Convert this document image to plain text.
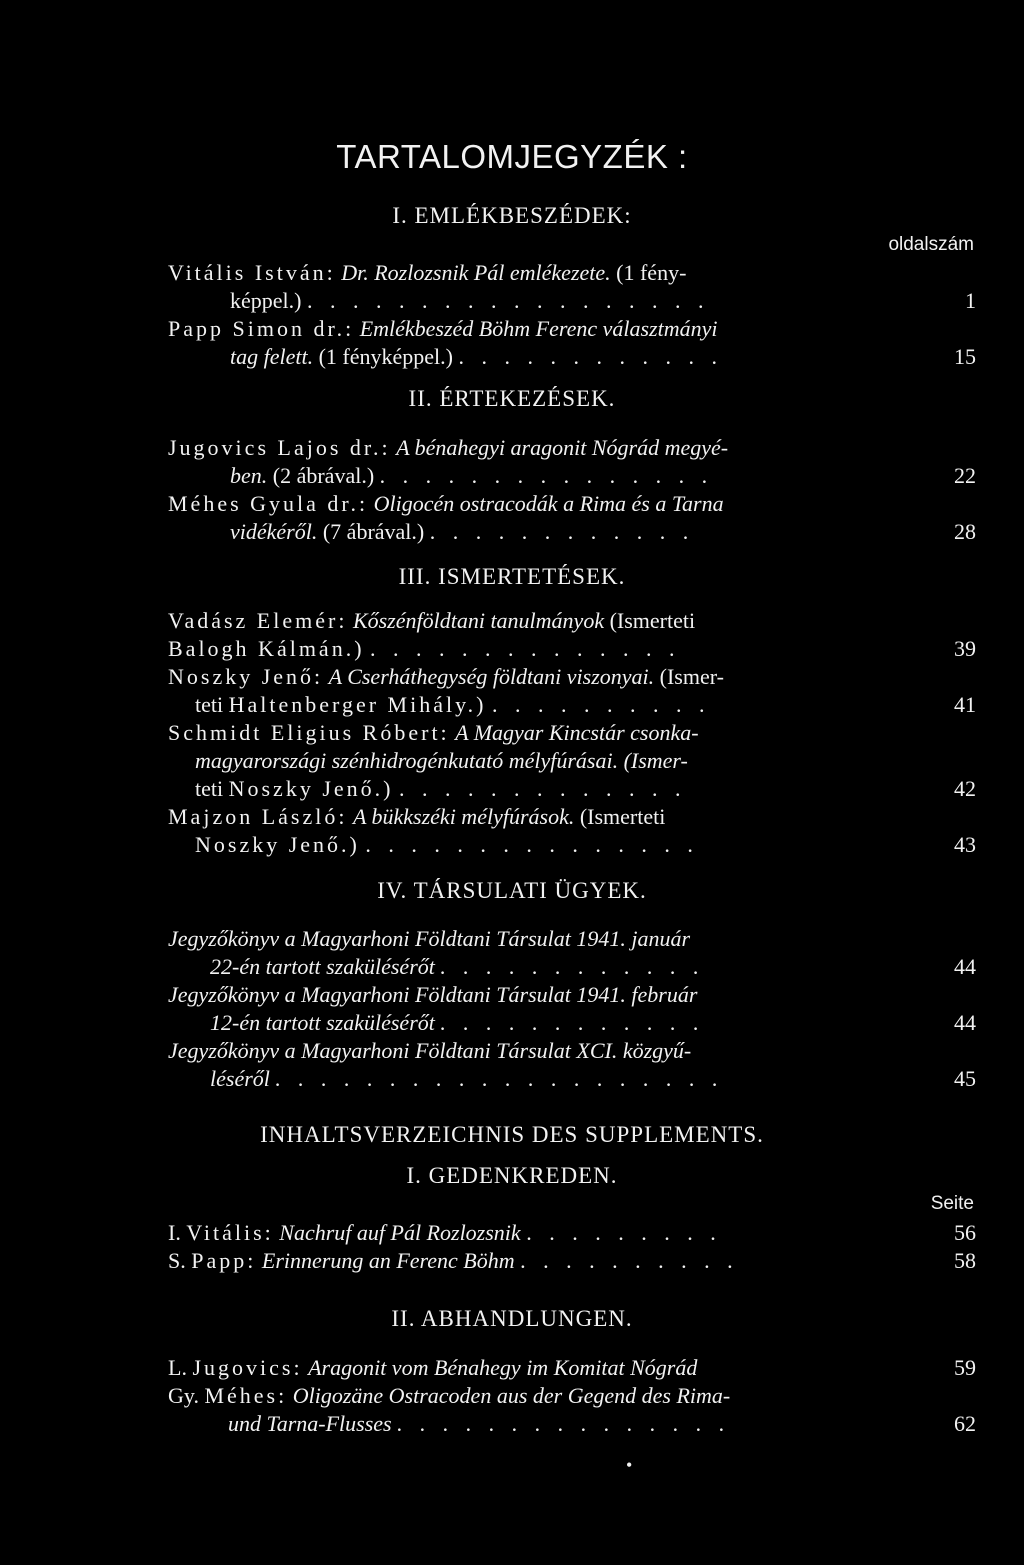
TARTALOMJEGYZÉK :
I. EMLÉKBESZÉDEK:
oldalszám
Vitális István: Dr. Rozlozsnik Pál emlékezete. (1 fény-
képpel.) . . . . . . . . . . . . . . . . . .	1
Papp Simon dr.: Emlékbeszéd Böhm Ferenc választmányi
tag felett. (1 fényképpel.) . . . . . . . . . . . .	15
II. ÉRTEKEZÉSEK.
Jugovics Lajos dr.: A bénahegyi aragonit Nógrád megyé-
ben. (2 ábrával.) . . . . . . . . . . . . . . .	22
Méhes Gyula dr.: Oligocén ostracodák a Rima és a Tarna
vidékéről. (7 ábrával.) . . . . . . . . . . . .	28
III. ISMERTETÉSEK.
Vadász Elemér: Kőszénföldtani tanulmányok (Ismerteti
Balogh Kálmán.) . . . . . . . . . . . . . .	39
Noszky Jenő: A Cserháthegység földtani viszonyai. (Ismer-
teti Haltenberger Mihály.) . . . . . . . . . .	41
Schmidt Eligius Róbert: A Magyar Kincstár csonka-
magyarországi szénhidrogénkutató mélyfúrásai. (Ismer-
teti Noszky Jenő.) . . . . . . . . . . . . .	42
Majzon László: A bükkszéki mélyfúrások. (Ismerteti
Noszky Jenő.) . . . . . . . . . . . . . . .	43
IV. TÁRSULATI ÜGYEK.
Jegyzőkönyv a Magyarhoni Földtani Társulat 1941. január
22-én tartott szakülésérőt . . . . . . . . . . . .	44
Jegyzőkönyv a Magyarhoni Földtani Társulat 1941. február
12-én tartott szakülésérőt . . . . . . . . . . . .	44
Jegyzőkönyv a Magyarhoni Földtani Társulat XCI. közgyű-
léséről . . . . . . . . . . . . . . . . . . . .	45
INHALTSVERZEICHNIS DES SUPPLEMENTS.
I. GEDENKREDEN.
Seite
I. Vitális: Nachruf auf Pál Rozlozsnik . . . . . . . . .	56
S. Papp: Erinnerung an Ferenc Böhm . . . . . . . . . .	58
II. ABHANDLUNGEN.
L. Jugovics: Aragonit vom Bénahegy im Komitat Nógrád	59
Gy. Méhes: Oligozäne Ostracoden aus der Gegend des Rima-
und Tarna-Flusses . . . . . . . . . . . . . . .	62
•
